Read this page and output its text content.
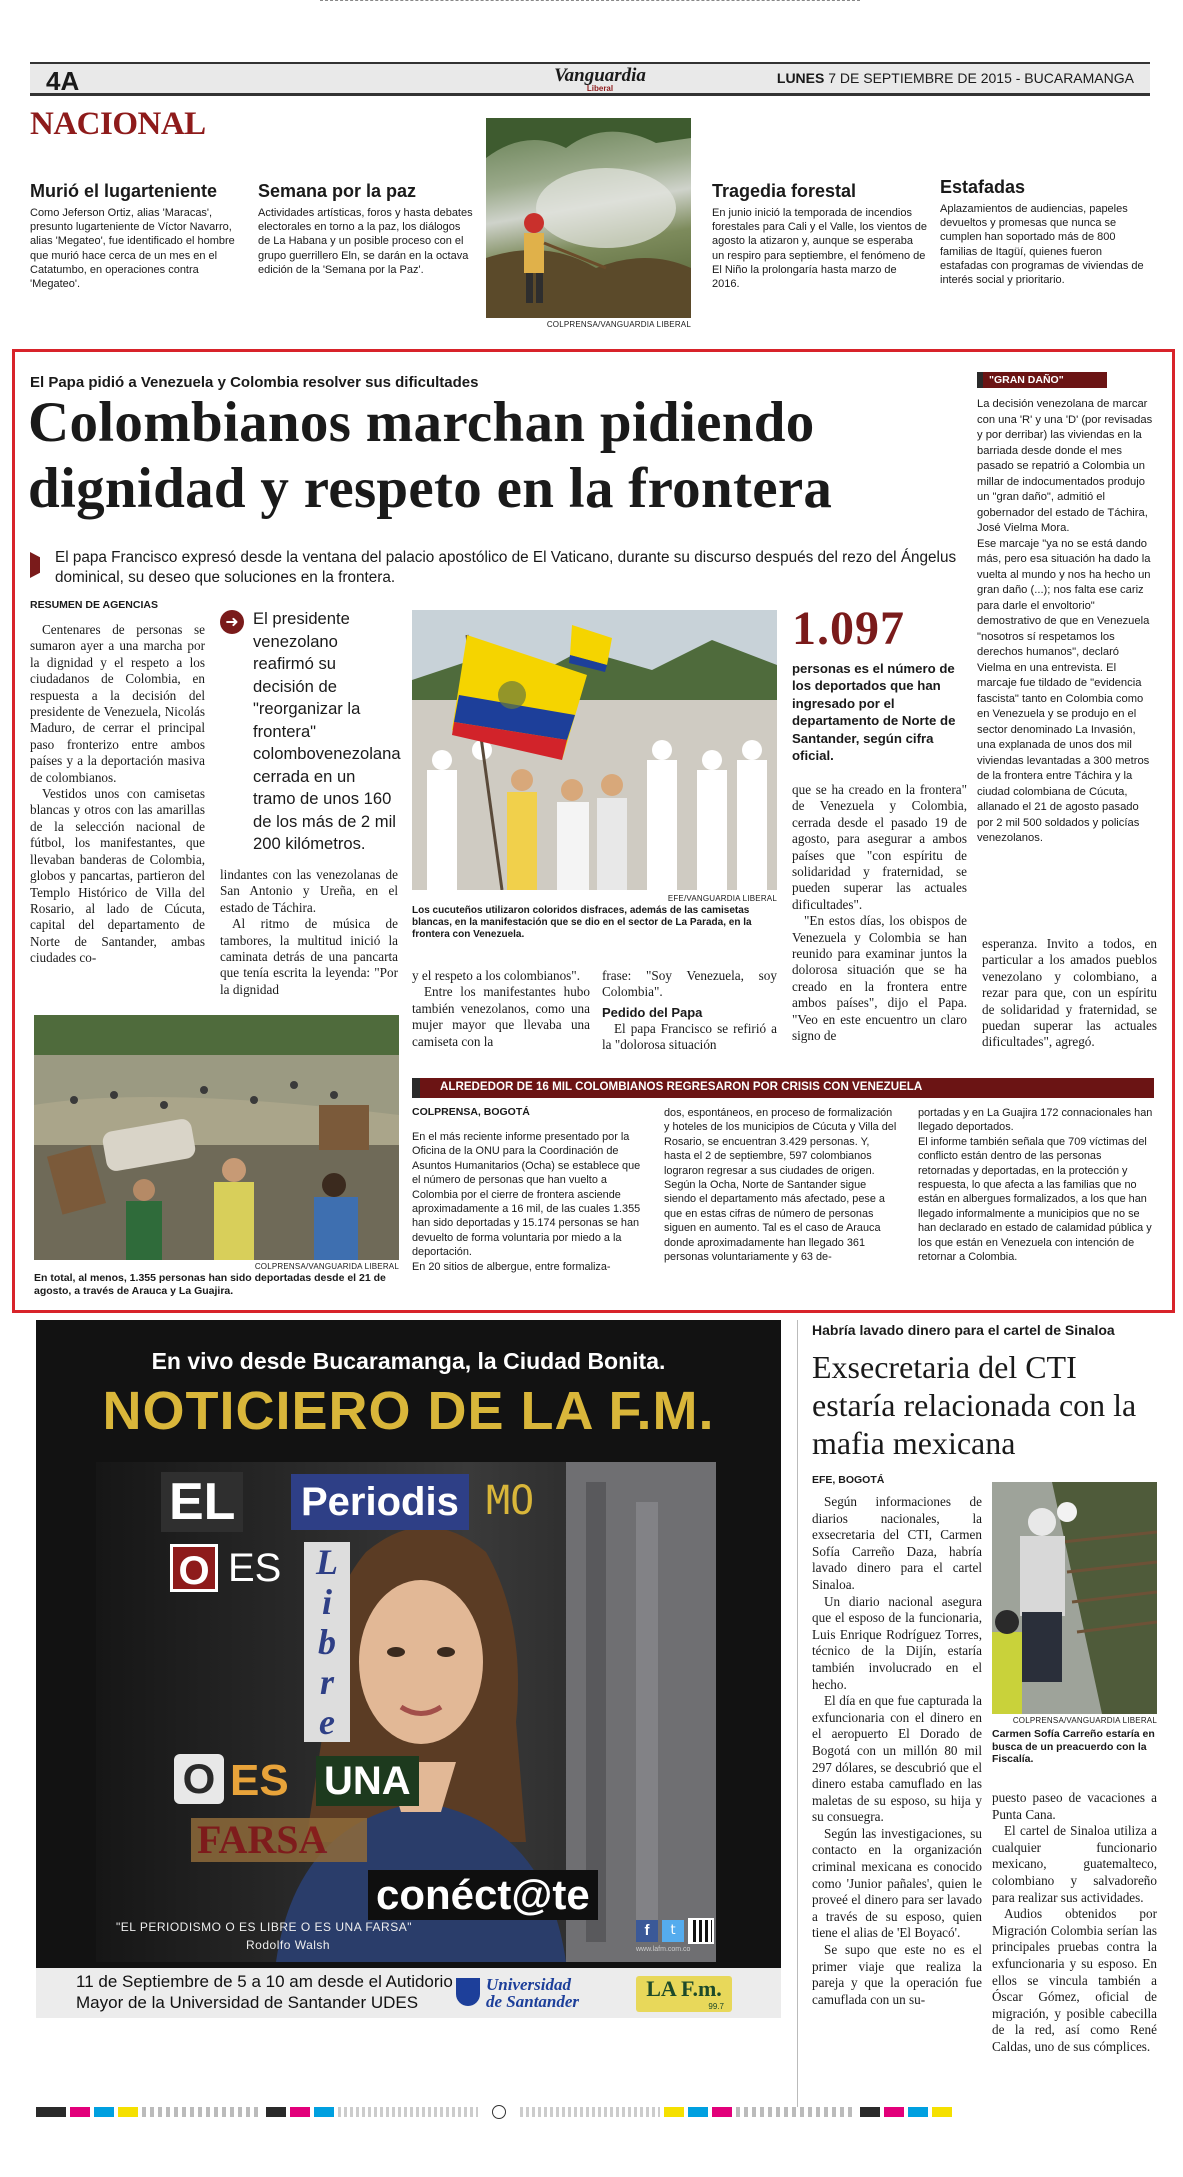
4A	Vanguardia
Liberal
LUNES 7 DE SEPTIEMBRE DE 2015 - BUCARAMANGA
NACIONAL
Murió el lugarteniente
Como Jeferson Ortiz, alias 'Maracas', presunto lugarteniente de Víctor Navarro, alias 'Megateo', fue identificado el hombre que murió hace cerca de un mes en el Catatumbo, en operaciones contra 'Megateo'.
Semana por la paz
Actividades artísticas, foros y hasta debates electorales en torno a la paz, los diálogos de La Habana y un posible proceso con el grupo guerrillero Eln, se darán en la octava edición de la 'Semana por la Paz'.
COLPRENSA/VANGUARDIA LIBERAL
Tragedia forestal
En junio inició la temporada de incendios forestales para Cali y el Valle, los vientos de agosto la atizaron y, aunque se esperaba un respiro para septiembre, el fenómeno de El Niño la prolongaría hasta marzo de 2016.
Estafadas
Aplazamientos de audiencias, papeles devueltos y promesas que nunca se cumplen han soportado más de 800 familias de Itagüí, quienes fueron estafadas con programas de viviendas de interés social y prioritario.
El Papa pidió a Venezuela y Colombia resolver sus dificultades
Colombianos marchan pidiendo
dignidad y respeto en la frontera
El papa Francisco expresó desde la ventana del palacio apostólico de El Vaticano, durante su discurso después del rezo del Ángelus dominical, su deseo que soluciones en la frontera.
RESUMEN DE AGENCIAS

Centenares de personas se sumaron ayer a una marcha por la dignidad y el respeto a los ciudadanos de Colombia, en respuesta a la decisión del presidente de Venezuela, Nicolás Maduro, de cerrar el principal paso fronterizo entre ambos países y a la deportación masiva de colombianos.

Vestidos unos con camisetas blancas y otros con las amarillas de la selección nacional de fútbol, los manifestantes, que llevaban banderas de Colombia, globos y pancartas, partieron del Templo Histórico de Villa del Rosario, al lado de Cúcuta, capital del departamento de Norte de Santander, ambas ciudades co-

➜ El presidente venezolano reafirmó su decisión de "reorganizar la frontera" colombovenezolana cerrada en un tramo de unos 160 de los más de 2 mil 200 kilómetros.

lindantes con las venezolanas de San Antonio y Ureña, en el estado de Táchira.

Al ritmo de música de tambores, la multitud inició la caminata detrás de una pancarta que tenía escrita la leyenda: "Por la dignidad

EFE/VANGUARDIA LIBERAL
Los cucuteños utilizaron coloridos disfraces, además de las camisetas blancas, en la manifestación que se dio en el sector de La Parada, en la frontera con Venezuela.

y el respeto a los colombianos".

Entre los manifestantes hubo también venezolanos, como una mujer mayor que llevaba una camiseta con la

frase: "Soy Venezuela, soy Colombia".

Pedido del Papa

El papa Francisco se refirió a la "dolorosa situación

1.097
personas es el número de los deportados que han ingresado por el departamento de Norte de Santander, según cifra oficial.

que se ha creado en la frontera" de Venezuela y Colombia, cerrada desde el pasado 19 de agosto, para asegurar a ambos países que "con espíritu de solidaridad y fraternidad, se pueden superar las actuales dificultades".

"En estos días, los obispos de Venezuela y Colombia se han reunido para examinar juntos la dolorosa situación que se ha creado en la frontera entre ambos países", dijo el Papa. "Veo en este encuentro un claro signo de

"GRAN DAÑO"

La decisión venezolana de marcar con una 'R' y una 'D' (por revisadas y por derribar) las viviendas en la barriada desde donde el mes pasado se repatrió a Colombia un millar de indocumentados produjo un "gran daño", admitió el gobernador del estado de Táchira, José Vielma Mora.

Ese marcaje "ya no se está dando más, pero esa situación ha dado la vuelta al mundo y nos ha hecho un gran daño (...); nos falta ese cariz para darle el envoltorio" demostrativo de que en Venezuela "nosotros sí respetamos los derechos humanos", declaró Vielma en una entrevista. El marcaje fue tildado de "evidencia fascista" tanto en Colombia como en Venezuela y se produjo en el sector denominado La Invasión, una explanada de unos dos mil viviendas levantadas a 300 metros de la frontera entre Táchira y la ciudad colombiana de Cúcuta, allanado el 21 de agosto pasado por 2 mil 500 soldados y policías venezolanos.

esperanza. Invito a todos, en particular a los amados pueblos venezolano y colombiano, a rezar para que, con un espíritu de solidaridad y fraternidad, se puedan superar las actuales dificultades", agregó.

COLPRENSA/VANGUARIDA LIBERAL
En total, al menos, 1.355 personas han sido deportadas desde el 21 de agosto, a través de Arauca y La Guajira.
ALREDEDOR DE 16 MIL COLOMBIANOS REGRESARON POR CRISIS CON VENEZUELA
COLPRENSA, BOGOTÁ

En el más reciente informe presentado por la Oficina de la ONU para la Coordinación de Asuntos Humanitarios (Ocha) se establece que el número de personas que han vuelto a Colombia por el cierre de frontera asciende aproximadamente a 16 mil, de las cuales 1.355 han sido deportadas y 15.174 personas se han devuelto de forma voluntaria por miedo a la deportación.

En 20 sitios de albergue, entre formaliza-

dos, espontáneos, en proceso de formalización y hoteles de los municipios de Cúcuta y Villa del Rosario, se encuentran 3.429 personas. Y, hasta el 2 de septiembre, 597 colombianos lograron regresar a sus ciudades de origen.

Según la Ocha, Norte de Santander sigue siendo el departamento más afectado, pese a que en estas cifras de número de personas siguen en aumento. Tal es el caso de Arauca donde aproximadamente han llegado 361 personas voluntariamente y 63 de-

portadas y en La Guajira 172 connacionales han llegado deportados.

El informe también señala que 709 víctimas del conflicto están dentro de las personas retornadas y deportadas, en la protección y respuesta, lo que afecta a las familias que no están en albergues formalizados, a los que han llegado informalmente a municipios que no se han declarado en estado de calamidad pública y los que están en Venezuela con intención de retornar a Colombia.

En vivo desde Bucaramanga, la Ciudad Bonita.
NOTICIERO DE LA F.M.
EL Periodis MO
O ES L
i
b
r
e
O ES UNA
FARSA
conéct@te
"EL PERIODISMO O ES LIBRE O ES UNA FARSA"
Rodolfo Walsh
f	t
www.lafm.com.co
11 de Septiembre de 5 a 10 am desde el Autidorio
Mayor de la Universidad de Santander UDES
Universidad
de Santander
LA F.m.
99.7
Habría lavado dinero para el cartel de Sinaloa
Exsecretaria del CTI estaría relacionada con la mafia mexicana
EFE, BOGOTÁ

Según informaciones de diarios nacionales, la exsecretaria del CTI, Carmen Sofía Carreño Daza, habría lavado dinero para el cartel Sinaloa.

Un diario nacional asegura que el esposo de la funcionaria, Luis Enrique Rodríguez Torres, técnico de la Dijín, estaría también involucrado en el hecho.

El día en que fue capturada la exfuncionaria con el dinero en el aeropuerto El Dorado de Bogotá con un millón 80 mil 297 dólares, se descubrió que el dinero estaba camuflado en las maletas de su esposo, su hija y su consuegra.

Según las investigaciones, su contacto en la organización criminal mexicana es conocido como 'Junior pañales', quien le proveé el dinero para ser lavado a través de su esposo, quien tiene el alias de 'El Boyacó'.

Se supo que este no es el primer viaje que realiza la pareja y que la operación fue camuflada con un su-

COLPRENSA/VANGUARDIA LIBERAL
Carmen Sofía Carreño estaría en busca de un preacuerdo con la Fiscalía.

puesto paseo de vacaciones a Punta Cana.

El cartel de Sinaloa utiliza a cualquier funcionario mexicano, guatemalteco, colombiano y salvadoreño para realizar sus actividades.

Audios obtenidos por Migración Colombia serían las principales pruebas contra la exfuncionaria y su esposo. En ellos se vincula también a Óscar Gómez, oficial de migración, y posible cabecilla de la red, así como René Caldas, uno de sus cómplices.
